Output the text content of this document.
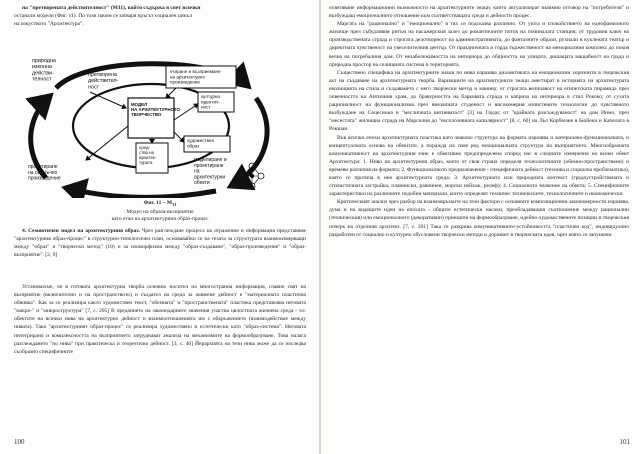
на "претворената действителност" (М11), който съдържа в свет всички
останали модели (Фиг. 11). По този начин се затваря кръгът социален цикъл
на изкуството "Архитектура".
природна изконна действи-телност
претворена действител-ност
етиране и възприемане на архитектурно произведение
културна идентич-ност
МОДЕЛ НА АРХИТЕКТУРНОТО ТВОРЧЕСТВО
сред-ства на архитек-турата
художествен образ
моделиране и проектиране на архитектурни обекти
проектиране на оценъчно произведение
Фиг. $11 - М_{11}$
Модел на образа-възприятие
като етап на архитектурния образ-процес
4. Семиотичен модел на архитектурния образ. Чрез разглеждане процеса на отражение и информация представяме "архитектурния образ-процес" в структурно-типологичен план, основавайки се на тезата за структурата взаимоизмерващи между "образ" и "творчески метод" (10) и за изоморфизма между "образ-създаване", "образ-произведение" и "образ-възприятие". [2, 9]
Установихме, че в готовата архитектурна творба основно носител на многостранна информация, главно свят на възприятие (включително и на пространството) и създател на среда за живеене дейност е "материалната пластична обвивка". Как за се реализира както художествен текст, "обемната" и "пространствената" пластика представлява неговата "макро-" и "микроструктура" [7, с. 205] В преданието на законодарните значения участва цялостната жизнена среда - т.е. обектите на всички нива на архитектурно дейност и взаимоотношенията им с обкръжението (взаимодействие между нивата). Така "архитектурният образ-процес" се реализира художествено и естетически като "образ-система". Неговата интегрирано и комплексността на възприятието затруднават анализа на механизмите на формообразуване. Това налага разглеждането "по нива" при практическа и теоретична дейност. [3, с. 40] Йерархията на тези нива може да се изследва съобразно специфичните
100

осветяване информационни възможности на архитектурните знаци, които актуализират взаимно отговор на "потребителя" и възбуждащ емоционалното отношение към съответстващата среда и дейности процес.

Маргата на "рационално" и "емоционално" в тях се подсказва различно. От уюта и спокойствието на еднофамилното жилище през събудливия ритъм на пасажерския залез до романтичните поток на починалата станция; от трудовия ключ на производствената сграда и строгата делотворност на административната, до фантазните образи, рухнали в куклената театър и директната чувственост на увеселителния център. От праздничната и горда тържественост на мемориалния комплекс до покоя вечна на погребалния дом. От незабележимостта на интериора до общността на улицата, дишащата мащабност на града и природна простор на селищната система и територията.

Съществено специфика на архитектурните знаци по нива изразява диалектиката на емоционални хоризонти в творческия акт на създаване на архитектурната творба. Вариациите на архитектурните знаци анестират в историята на архитектурата еволюцията на стила и създаването с него творчески метод и маниер; от строгата величавост на египетската пирамида през човечността на Античния храм, до бравурността на барковата сграда и каприза на интериора в стил Рококо; от сухата рационалност на функционализма през внезапната студеност и високомерия изчистените технологии до чувственото възбуждане на Сецесиона в "месличната витиеватост" [3] на Гауди; от "крайната разсъждуваност" на дом Инмо, през "месестата" жилищна сграда на Марсилия до "експлозивната капилярност" [8, с. 60] на Льо Корбюзие в Бюйена и Капелата в Роншан.

Във всички епохи архитектурната пластика като знаково структура на формата изразява и материално-функционалната, и концептуалната основа на обектите, а поражда на своя ред емоционалната структура на възприятието. Многообразната комуникативност на архитектурния език е обективно предопределена според нас в следните измерения на всеки обект Архитектура: 1. Ниво на архитектурния образ, което от своя страна определя технологичните (обемно-пространствени) и времеви различия на формата; 2. Функционалното предназначение - специфичната дейност (техника и социална проблематика), която се протича в нея архитектурната среда; 3. Архитектурната или природната контекст (градоустройствената и стилистичната застройка, планински, равнинен, морски пейзаж, релеф); 4. Социалното значение на обекта; 5. Специфичните характеристики на различните подобни материали, които определят техничес техническите, технологичните и икономически

Критическият анализ чрез разбор на взаимовръзките на тези фактори с основните композиционни закономерности изразява, дума и на водещите идеи на епохата - общите естетически насоки, преобладаващия съотношение между рационални (техническия) или емоционалното (декоративни) принципи на формообразуване, идейно-художествените позиции и творческия почерк на отделния архитект. [7, с. 201] Така се разкрива комуникативните-устойчивостта "пластичен код", индивидуално разработен от социално и културно обусловени творчески методи и доразвит в творческата идея, чрез която се запушени

101
